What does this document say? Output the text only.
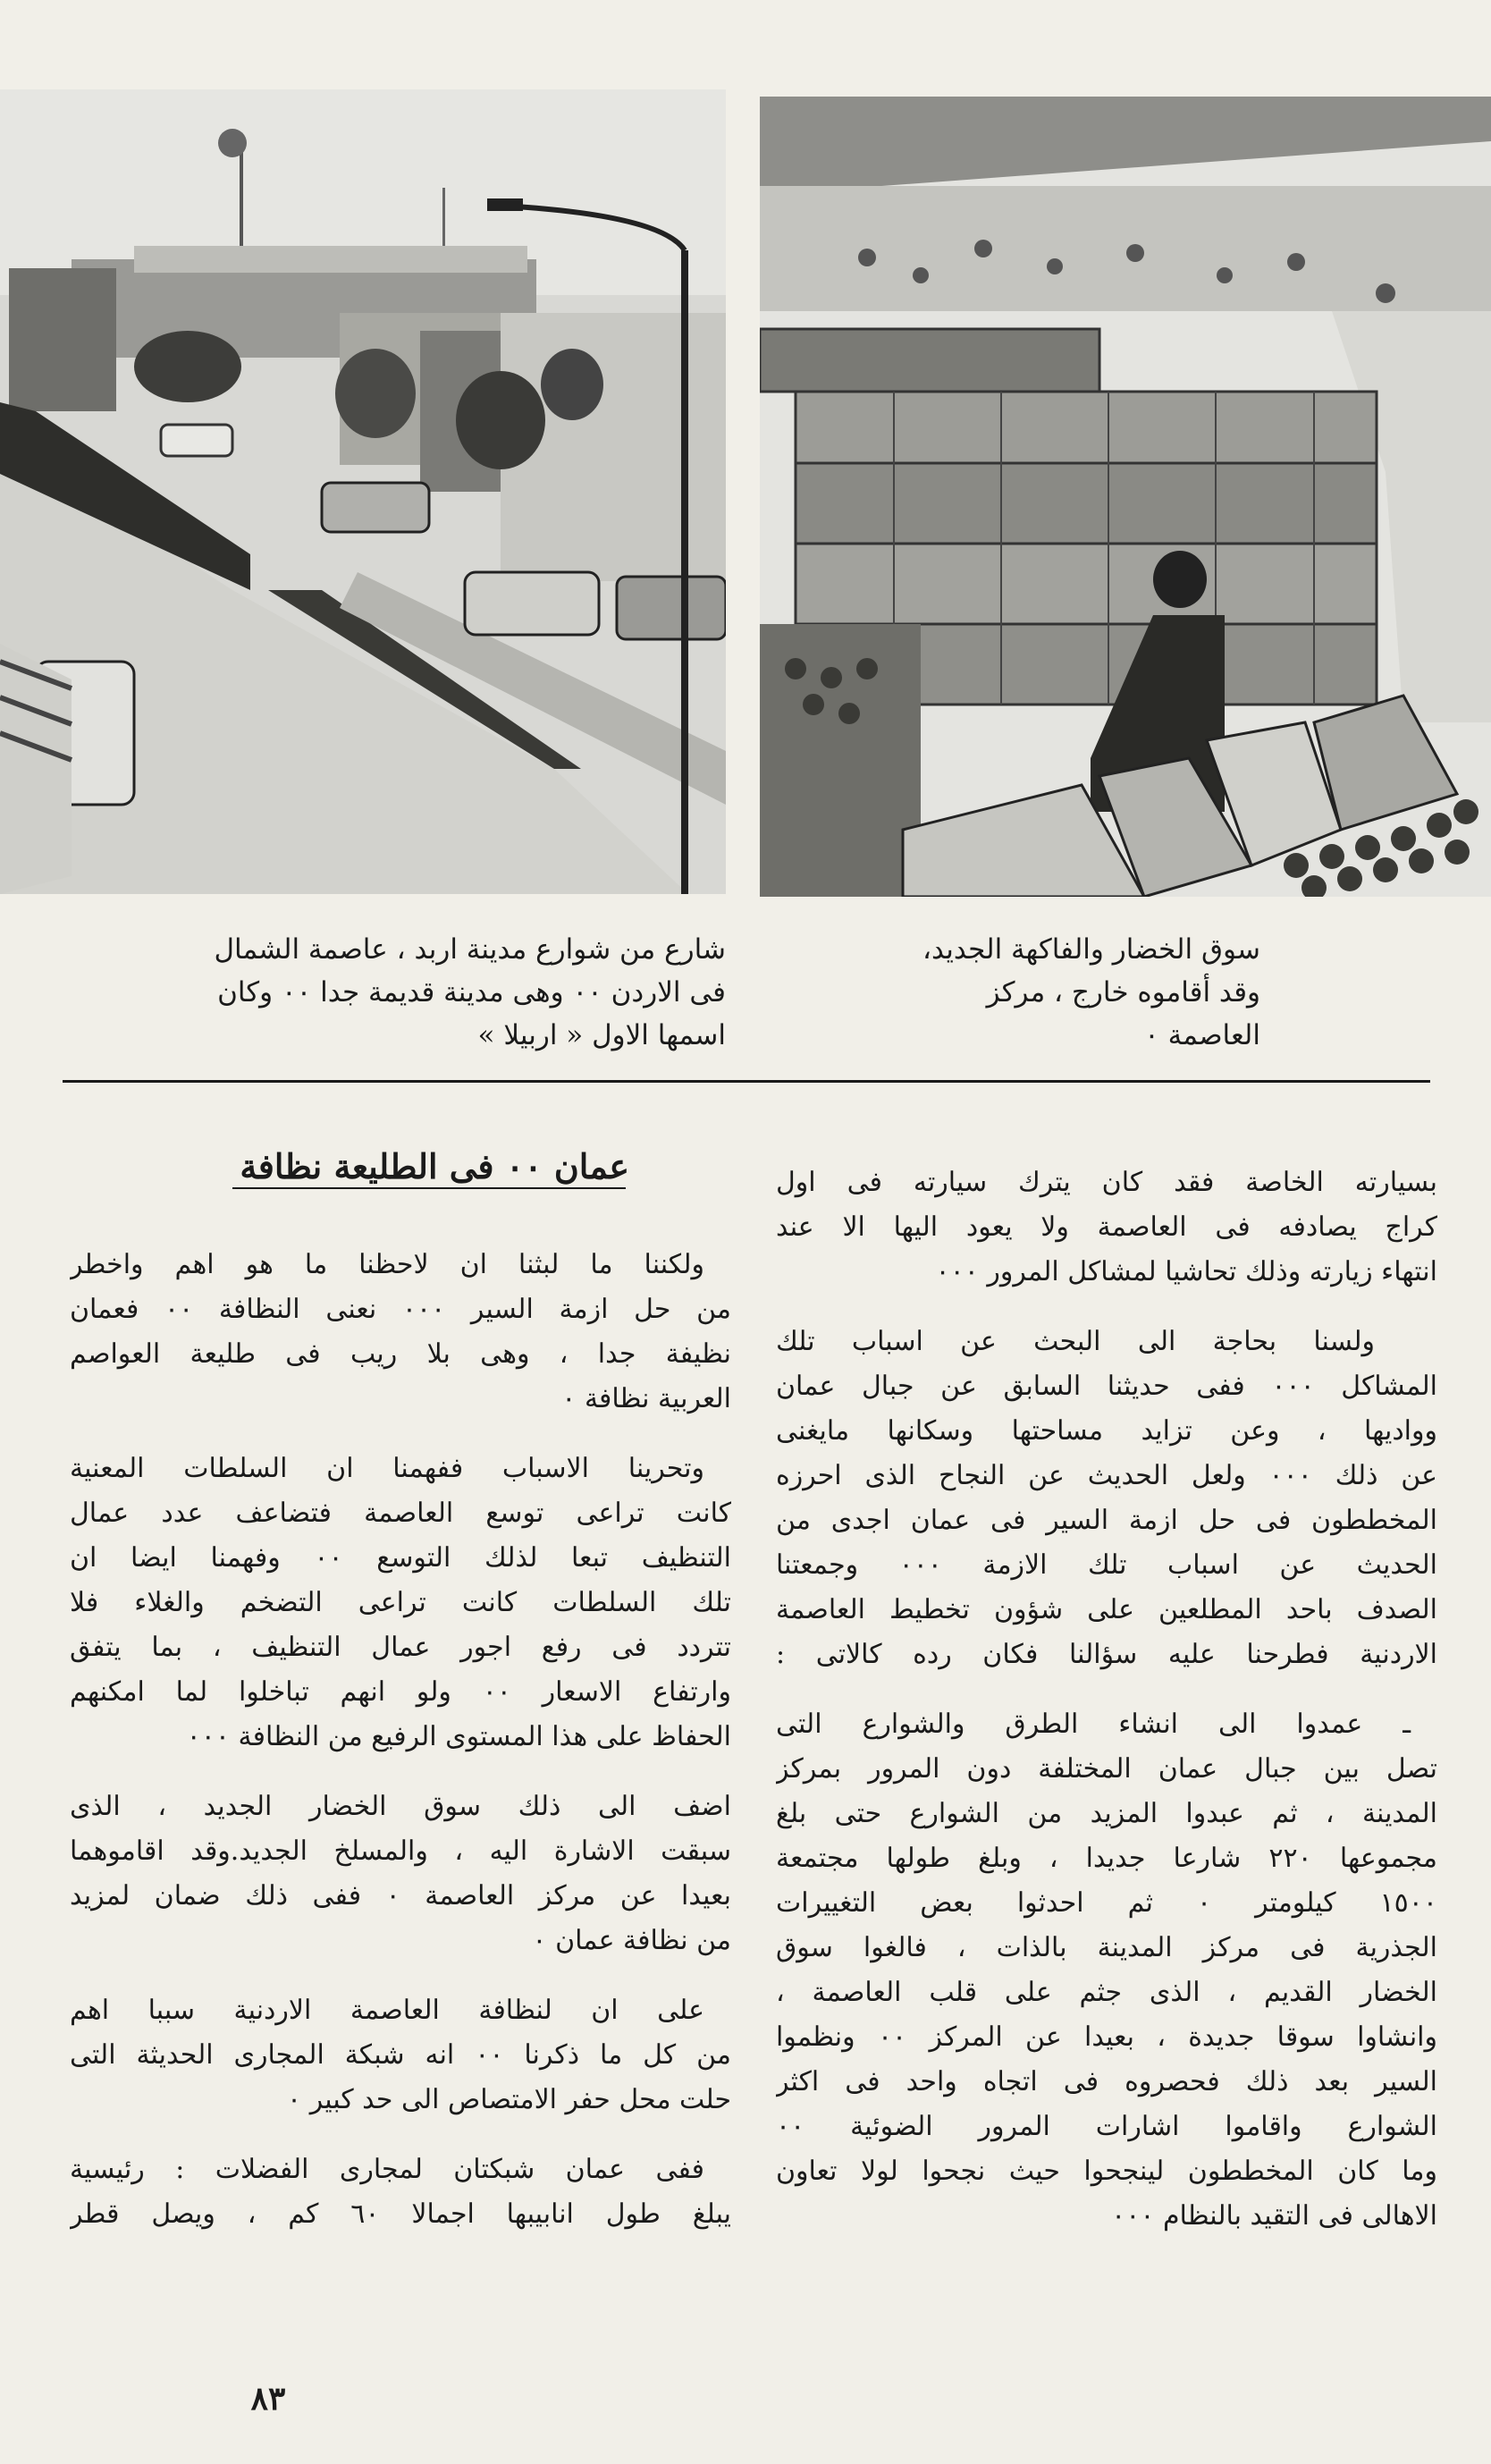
شارع من شوارع مدينة اربد ، عاصمة الشمال
فى الاردن ٠٠ وهى مدينة قديمة جدا ٠٠ وكان
اسمها الاول « اربيلا »
سوق الخضار والفاكهة الجديد،
وقد أقاموه خارج ، مركز
العاصمة ٠
عمان ٠٠ فى الطليعة نظافة	بسيارته الخاصة فقد كان يترك سيارته فى اول
كراج يصادفه فى العاصمة ولا يعود اليها الا عند
انتهاء زيارته وذلك تحاشيا لمشاكل المرور ٠٠٠
ولسنا بحاجة الى البحث عن اسباب تلك
المشاكل ٠٠٠ ففى حديثنا السابق عن جبال عمان
وواديها ، وعن تزايد مساحتها وسكانها مايغنى
عن ذلك ٠٠٠ ولعل الحديث عن النجاح الذى احرزه
المخططون فى حل ازمة السير فى عمان اجدى من
الحديث عن اسباب تلك الازمة ٠٠٠ وجمعتنا
الصدف باحد المطلعين على شؤون تخطيط العاصمة
الاردنية فطرحنا عليه سؤالنا فكان رده كالاتى :
ـ عمدوا الى انشاء الطرق والشوارع التى
تصل بين جبال عمان المختلفة دون المرور بمركز
المدينة ، ثم عبدوا المزيد من الشوارع حتى بلغ
مجموعها ٢٢٠ شارعا جديدا ، وبلغ طولها مجتمعة
١٥٠٠ كيلومتر ٠ ثم احدثوا بعض التغييرات
الجذرية فى مركز المدينة بالذات ، فالغوا سوق
الخضار القديم ، الذى جثم على قلب العاصمة ،
وانشاوا سوقا جديدة ، بعيدا عن المركز ٠٠ ونظموا
السير بعد ذلك فحصروه فى اتجاه واحد فى اكثر
الشوارع واقاموا اشارات المرور الضوئية ٠٠
وما كان المخططون لينجحوا حيث نجحوا لولا تعاون
الاهالى فى التقيد بالنظام ٠٠٠
ولكننا ما لبثنا ان لاحظنا ما هو اهم واخطر
من حل ازمة السير ٠٠٠ نعنى النظافة ٠٠ فعمان
نظيفة جدا ، وهى بلا ريب فى طليعة العواصم
العربية نظافة ٠
وتحرينا الاسباب ففهمنا ان السلطات المعنية
كانت تراعى توسع العاصمة فتضاعف عدد عمال
التنظيف تبعا لذلك التوسع ٠٠ وفهمنا ايضا ان
تلك السلطات كانت تراعى التضخم والغلاء فلا
تتردد فى رفع اجور عمال التنظيف ، بما يتفق
وارتفاع الاسعار ٠٠ ولو انهم تباخلوا لما امكنهم
الحفاظ على هذا المستوى الرفيع من النظافة ٠٠٠
اضف الى ذلك سوق الخضار الجديد ، الذى
سبقت الاشارة اليه ، والمسلخ الجديد.وقد اقاموهما
بعيدا عن مركز العاصمة ٠ ففى ذلك ضمان لمزيد
من نظافة عمان ٠
على ان لنظافة العاصمة الاردنية سببا اهم
من كل ما ذكرنا ٠٠ انه شبكة المجارى الحديثة التى
حلت محل حفر الامتصاص الى حد كبير ٠
ففى عمان شبكتان لمجارى الفضلات : رئيسية
يبلغ طول انابيبها اجمالا ٦٠ كم ، ويصل قطر
٨٣
